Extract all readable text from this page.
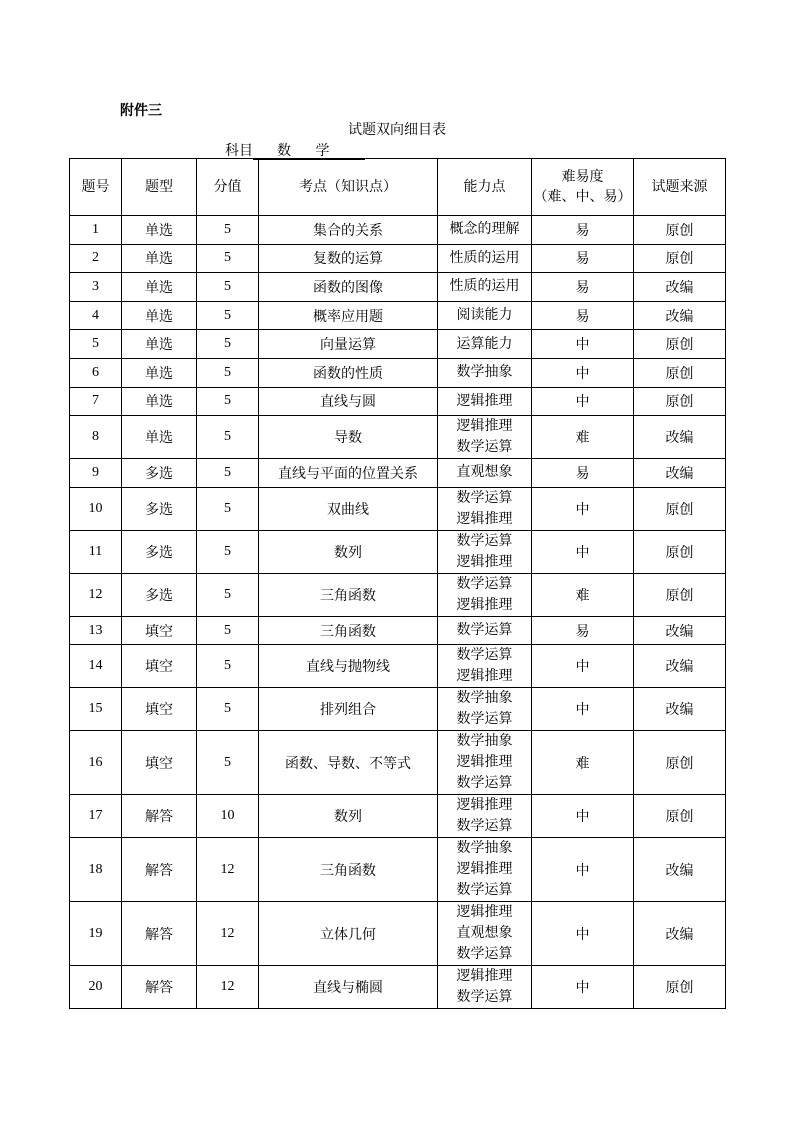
附件三
试题双向细目表
科目 数 学
题号	题型	分值	考点（知识点）	能力点	难易度
（难、中、易）	试题来源
1	单选	5	集合的关系	概念的理解	易	原创
2	单选	5	复数的运算	性质的运用	易	原创
3	单选	5	函数的图像	性质的运用	易	改编
4	单选	5	概率应用题	阅读能力	易	改编
5	单选	5	向量运算	运算能力	中	原创
6	单选	5	函数的性质	数学抽象	中	原创
7	单选	5	直线与圆	逻辑推理	中	原创
8	单选	5	导数	逻辑推理
数学运算	难	改编
9	多选	5	直线与平面的位置关系	直观想象	易	改编
10	多选	5	双曲线	数学运算
逻辑推理	中	原创
11	多选	5	数列	数学运算
逻辑推理	中	原创
12	多选	5	三角函数	数学运算
逻辑推理	难	原创
13	填空	5	三角函数	数学运算	易	改编
14	填空	5	直线与抛物线	数学运算
逻辑推理	中	改编
15	填空	5	排列组合	数学抽象
数学运算	中	改编
16	填空	5	函数、导数、不等式	数学抽象
逻辑推理
数学运算	难	原创
17	解答	10	数列	逻辑推理
数学运算	中	原创
18	解答	12	三角函数	数学抽象
逻辑推理
数学运算	中	改编
19	解答	12	立体几何	逻辑推理
直观想象
数学运算	中	改编
20	解答	12	直线与椭圆	逻辑推理
数学运算	中	原创
